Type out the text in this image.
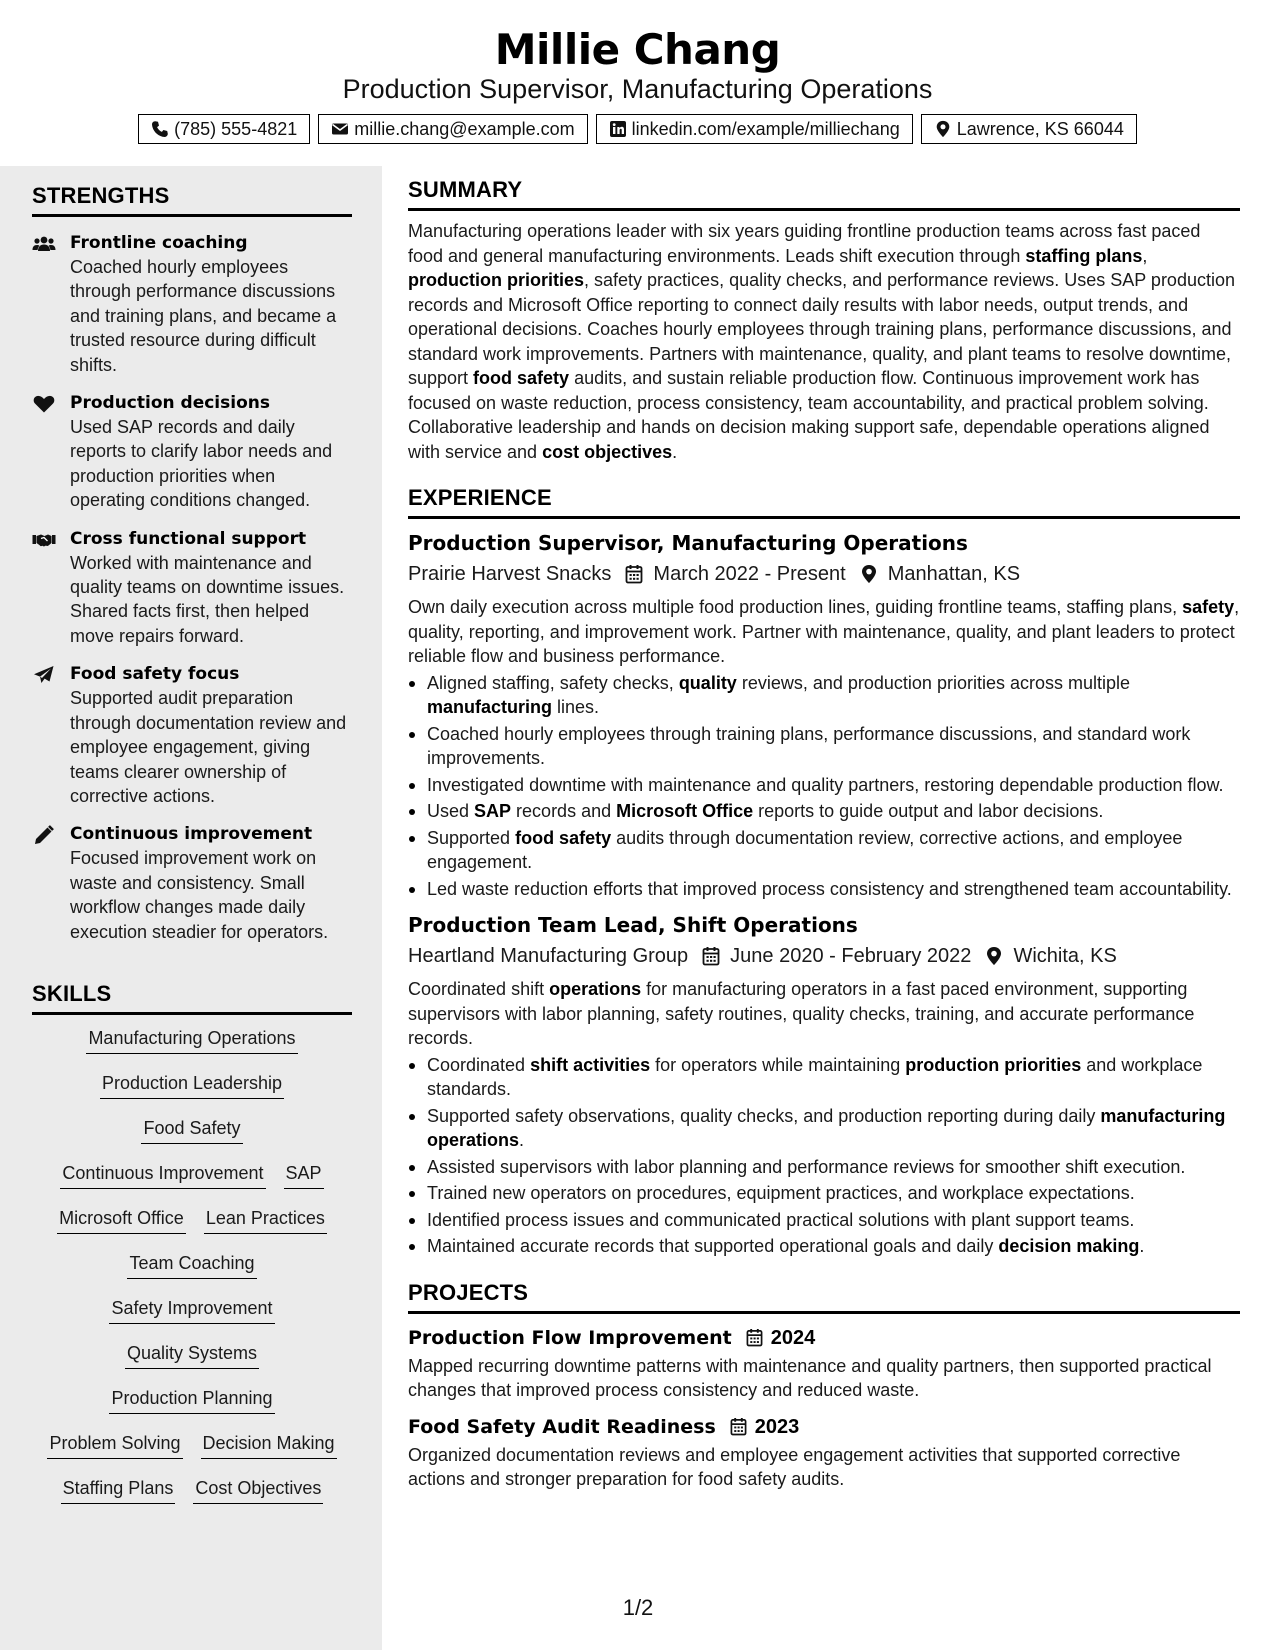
Millie Chang
Production Supervisor, Manufacturing Operations
(785) 555-4821	millie.chang@example.com	linkedin.com/example/milliechang	Lawrence, KS 66044
STRENGTHS
Frontline coaching
Coached hourly employees through performance discussions and training plans, and became a trusted resource during difficult shifts.
Production decisions
Used SAP records and daily reports to clarify labor needs and production priorities when operating conditions changed.
Cross functional support
Worked with maintenance and quality teams on downtime issues. Shared facts first, then helped move repairs forward.
Food safety focus
Supported audit preparation through documentation review and employee engagement, giving teams clearer ownership of corrective actions.
Continuous improvement
Focused improvement work on waste and consistency. Small workflow changes made daily execution steadier for operators.
SKILLS
Manufacturing Operations
Production Leadership
Food Safety
Continuous Improvement SAP
Microsoft Office Lean Practices
Team Coaching
Safety Improvement
Quality Systems
Production Planning
Problem Solving Decision Making
Staffing Plans Cost Objectives
SUMMARY
Manufacturing operations leader with six years guiding frontline production teams across fast paced food and general manufacturing environments. Leads shift execution through staffing plans, production priorities, safety practices, quality checks, and performance reviews. Uses SAP production records and Microsoft Office reporting to connect daily results with labor needs, output trends, and operational decisions. Coaches hourly employees through training plans, performance discussions, and standard work improvements. Partners with maintenance, quality, and plant teams to resolve downtime, support food safety audits, and sustain reliable production flow. Continuous improvement work has focused on waste reduction, process consistency, team accountability, and practical problem solving. Collaborative leadership and hands on decision making support safe, dependable operations aligned with service and cost objectives.
EXPERIENCE
Production Supervisor, Manufacturing Operations
Prairie Harvest Snacks March 2022 - Present Manhattan, KS
Own daily execution across multiple food production lines, guiding frontline teams, staffing plans, safety, quality, reporting, and improvement work. Partner with maintenance, quality, and plant leaders to protect reliable flow and business performance.
Aligned staffing, safety checks, quality reviews, and production priorities across multiple manufacturing lines.
Coached hourly employees through training plans, performance discussions, and standard work improvements.
Investigated downtime with maintenance and quality partners, restoring dependable production flow.
Used SAP records and Microsoft Office reports to guide output and labor decisions.
Supported food safety audits through documentation review, corrective actions, and employee engagement.
Led waste reduction efforts that improved process consistency and strengthened team accountability.
Production Team Lead, Shift Operations
Heartland Manufacturing Group June 2020 - February 2022 Wichita, KS
Coordinated shift operations for manufacturing operators in a fast paced environment, supporting supervisors with labor planning, safety routines, quality checks, training, and accurate performance records.
Coordinated shift activities for operators while maintaining production priorities and workplace standards.
Supported safety observations, quality checks, and production reporting during daily manufacturing operations.
Assisted supervisors with labor planning and performance reviews for smoother shift execution.
Trained new operators on procedures, equipment practices, and workplace expectations.
Identified process issues and communicated practical solutions with plant support teams.
Maintained accurate records that supported operational goals and daily decision making.
PROJECTS
Production Flow Improvement 2024
Mapped recurring downtime patterns with maintenance and quality partners, then supported practical changes that improved process consistency and reduced waste.
Food Safety Audit Readiness 2023
Organized documentation reviews and employee engagement activities that supported corrective actions and stronger preparation for food safety audits.
1/2
